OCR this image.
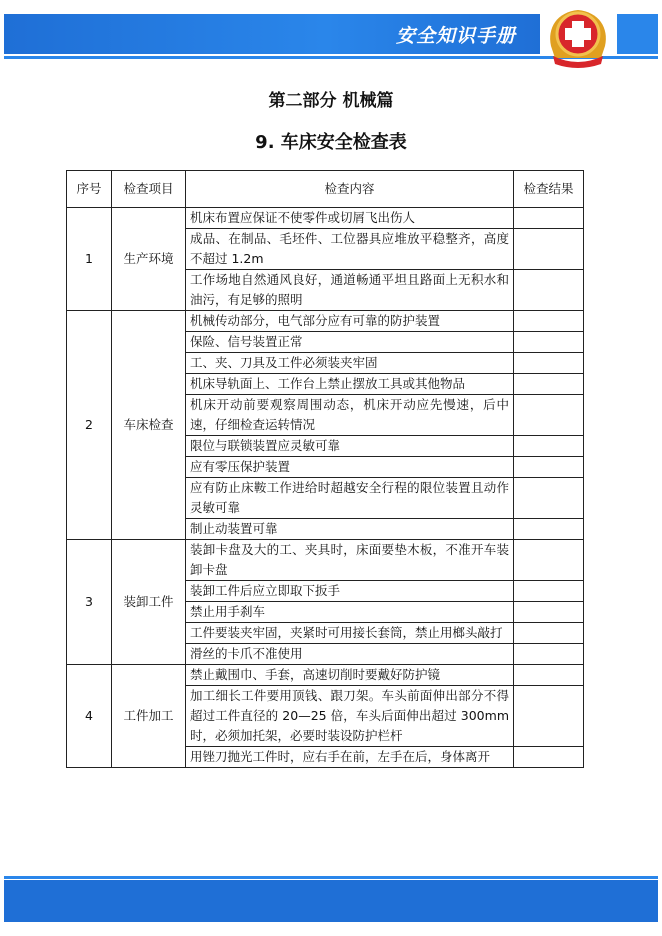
安全知识手册
第二部分 机械篇
9. 车床安全检查表
序号	检查项目	检查内容	检查结果
1	生产环境	机床布置应保证不使零件或切屑飞出伤人	
		成品、在制品、毛坯件、工位器具应堆放平稳整齐，高度不超过 1.2m	
		工作场地自然通风良好，通道畅通平坦且路面上无积水和油污，有足够的照明	
2	车床检查	机械传动部分，电气部分应有可靠的防护装置	
		保险、信号装置正常	
		工、夹、刀具及工件必须装夹牢固	
		机床导轨面上、工作台上禁止摆放工具或其他物品	
		机床开动前要观察周围动态，机床开动应先慢速，后中速，仔细检查运转情况	
		限位与联锁装置应灵敏可靠	
		应有零压保护装置	
		应有防止床鞍工作进给时超越安全行程的限位装置且动作灵敏可靠	
		制止动装置可靠	
3	装卸工件	装卸卡盘及大的工、夹具时，床面要垫木板，不准开车装卸卡盘	
		装卸工件后应立即取下扳手	
		禁止用手刹车	
		工件要装夹牢固，夹紧时可用接长套筒，禁止用榔头敲打	
		滑丝的卡爪不准使用	
4	工件加工	禁止戴围巾、手套，高速切削时要戴好防护镜	
		加工细长工件要用顶钱、跟刀架。车头前面伸出部分不得超过工件直径的 20—25 倍，车头后面伸出超过 300mm 时，必须加托架，必要时装设防护栏杆	
		用锉刀抛光工件时，应右手在前，左手在后，身体离开	
